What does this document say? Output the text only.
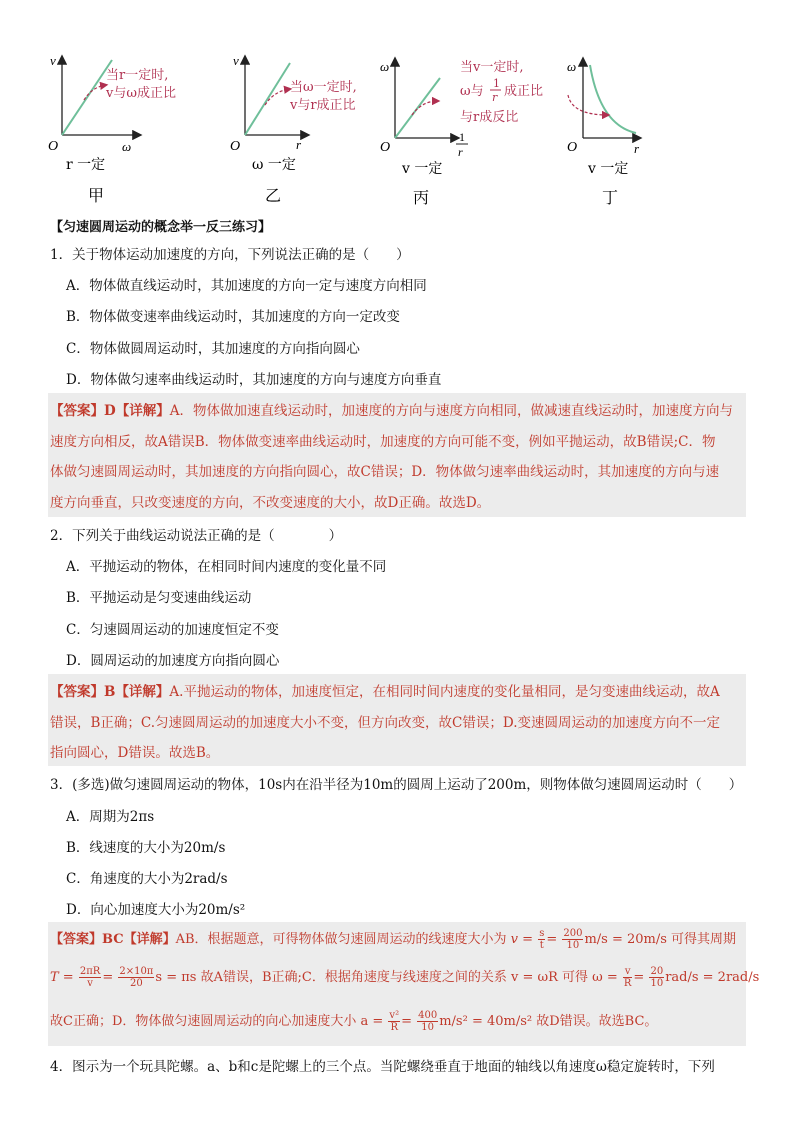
v
O	ω
当r一定时,
v与ω成正比
r 一定
甲
v
O	r
当ω一定时,
v与r成正比
ω 一定
乙
ω
O
1
r
当v一定时,
ω与
1
r 成正比
与r成反比
v 一定
丙
ω
O	r
v 一定
丁
【匀速圆周运动的概念举一反三练习】
1．关于物体运动加速度的方向，下列说法正确的是（　　）
A．物体做直线运动时，其加速度的方向一定与速度方向相同
B．物体做变速率曲线运动时，其加速度的方向一定改变
C．物体做圆周运动时，其加速度的方向指向圆心
D．物体做匀速率曲线运动时，其加速度的方向与速度方向垂直
【答案】D【详解】A．物体做加速直线运动时，加速度的方向与速度方向相同，做减速直线运动时，加速度方向与
速度方向相反，故A错误B．物体做变速率曲线运动时，加速度的方向可能不变，例如平抛运动，故B错误;C．物
体做匀速圆周运动时，其加速度的方向指向圆心，故C错误；D．物体做匀速率曲线运动时，其加速度的方向与速
度方向垂直，只改变速度的方向，不改变速度的大小，故D正确。故选D。
2．下列关于曲线运动说法正确的是（　　　　）
A．平抛运动的物体，在相同时间内速度的变化量不同
B．平抛运动是匀变速曲线运动
C．匀速圆周运动的加速度恒定不变
D．圆周运动的加速度方向指向圆心
【答案】B【详解】A.平抛运动的物体，加速度恒定，在相同时间内速度的变化量相同，是匀变速曲线运动，故A
错误，B正确；C.匀速圆周运动的加速度大小不变，但方向改变，故C错误；D.变速圆周运动的加速度方向不一定
指向圆心，D错误。故选B。
3．(多选)做匀速圆周运动的物体，10s内在沿半径为10m的圆周上运动了200m，则物体做匀速圆周运动时（　　）
A．周期为2πs
B．线速度的大小为20m/s
C．角速度的大小为2rad/s
D．向心加速度大小为20m/s²
【答案】BC【详解】AB．根据题意，可得物体做匀速圆周运动的线速度大小为 $v = \frac{s}{t} = \frac{200}{10} m/s = 20m/s$ 可得其周期
$T = \frac{2\pi R}{v} = \frac{2\times 10\pi}{20}$ s = πs 故A错误，B正确;C．根据角速度与线速度之间的关系 v = ωR 可得 $\omega = \frac{v}{R} = \frac{20}{10} rad/s = 2rad/s$
故C正确；D．物体做匀速圆周运动的向心加速度大小 $a = \frac{\text{v²}}{R} = \frac{400}{10} m/s^2 = 40m/s^2$ 故D错误。故选BC。
4．图示为一个玩具陀螺。a、b和c是陀螺上的三个点。当陀螺绕垂直于地面的轴线以角速度ω稳定旋转时，下列
